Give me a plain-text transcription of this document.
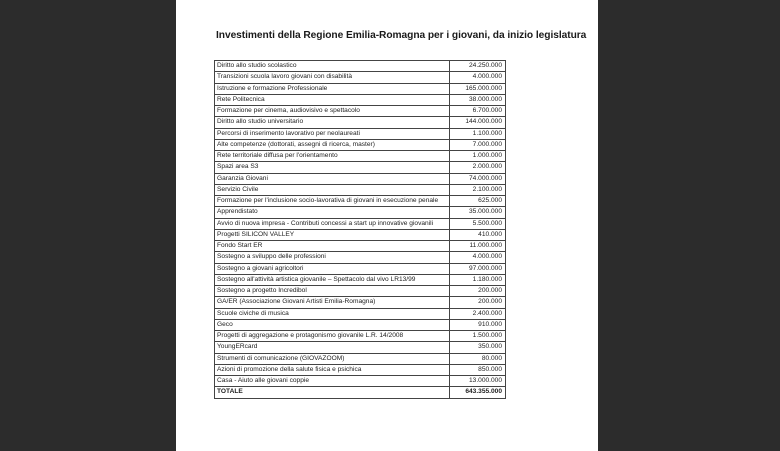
Investimenti della Regione Emilia-Romagna per i giovani, da inizio legislatura
Diritto allo studio scolastico	24.250.000
Transizioni scuola lavoro giovani con disabilità	4.000.000
Istruzione e formazione Professionale	165.000.000
Rete Politecnica	38.000.000
Formazione per cinema, audiovisivo e spettacolo	6.700.000
Diritto allo studio universitario	144.000.000
Percorsi di inserimento lavorativo per neolaureati	1.100.000
Alte competenze (dottorati, assegni di ricerca, master)	7.000.000
Rete territoriale diffusa per l'orientamento	1.000.000
Spazi area S3	2.000.000
Garanzia Giovani	74.000.000
Servizio Civile	2.100.000
Formazione per l'inclusione socio-lavorativa di giovani in esecuzione penale	625.000
Apprendistato	35.000.000
Avvio di nuova impresa - Contributi concessi a start up innovative giovanili	5.500.000
Progetti SILICON VALLEY	410.000
Fondo Start ER	11.000.000
Sostegno a sviluppo delle professioni	4.000.000
Sostegno a giovani agricoltori	97.000.000
Sostegno all'attività artistica giovanile – Spettacolo dal vivo LR13/99	1.180.000
Sostegno a progetto Incredibol	200.000
GA/ER (Associazione Giovani Artisti Emilia-Romagna)	200.000
Scuole civiche di musica	2.400.000
Geco	910.000
Progetti di aggregazione e protagonismo giovanile L.R. 14/2008	1.500.000
YoungERcard	350.000
Strumenti di comunicazione (GIOVAZOOM)	80.000
Azioni di promozione della salute fisica e psichica	850.000
Casa - Aiuto alle giovani coppie	13.000.000
TOTALE	643.355.000
